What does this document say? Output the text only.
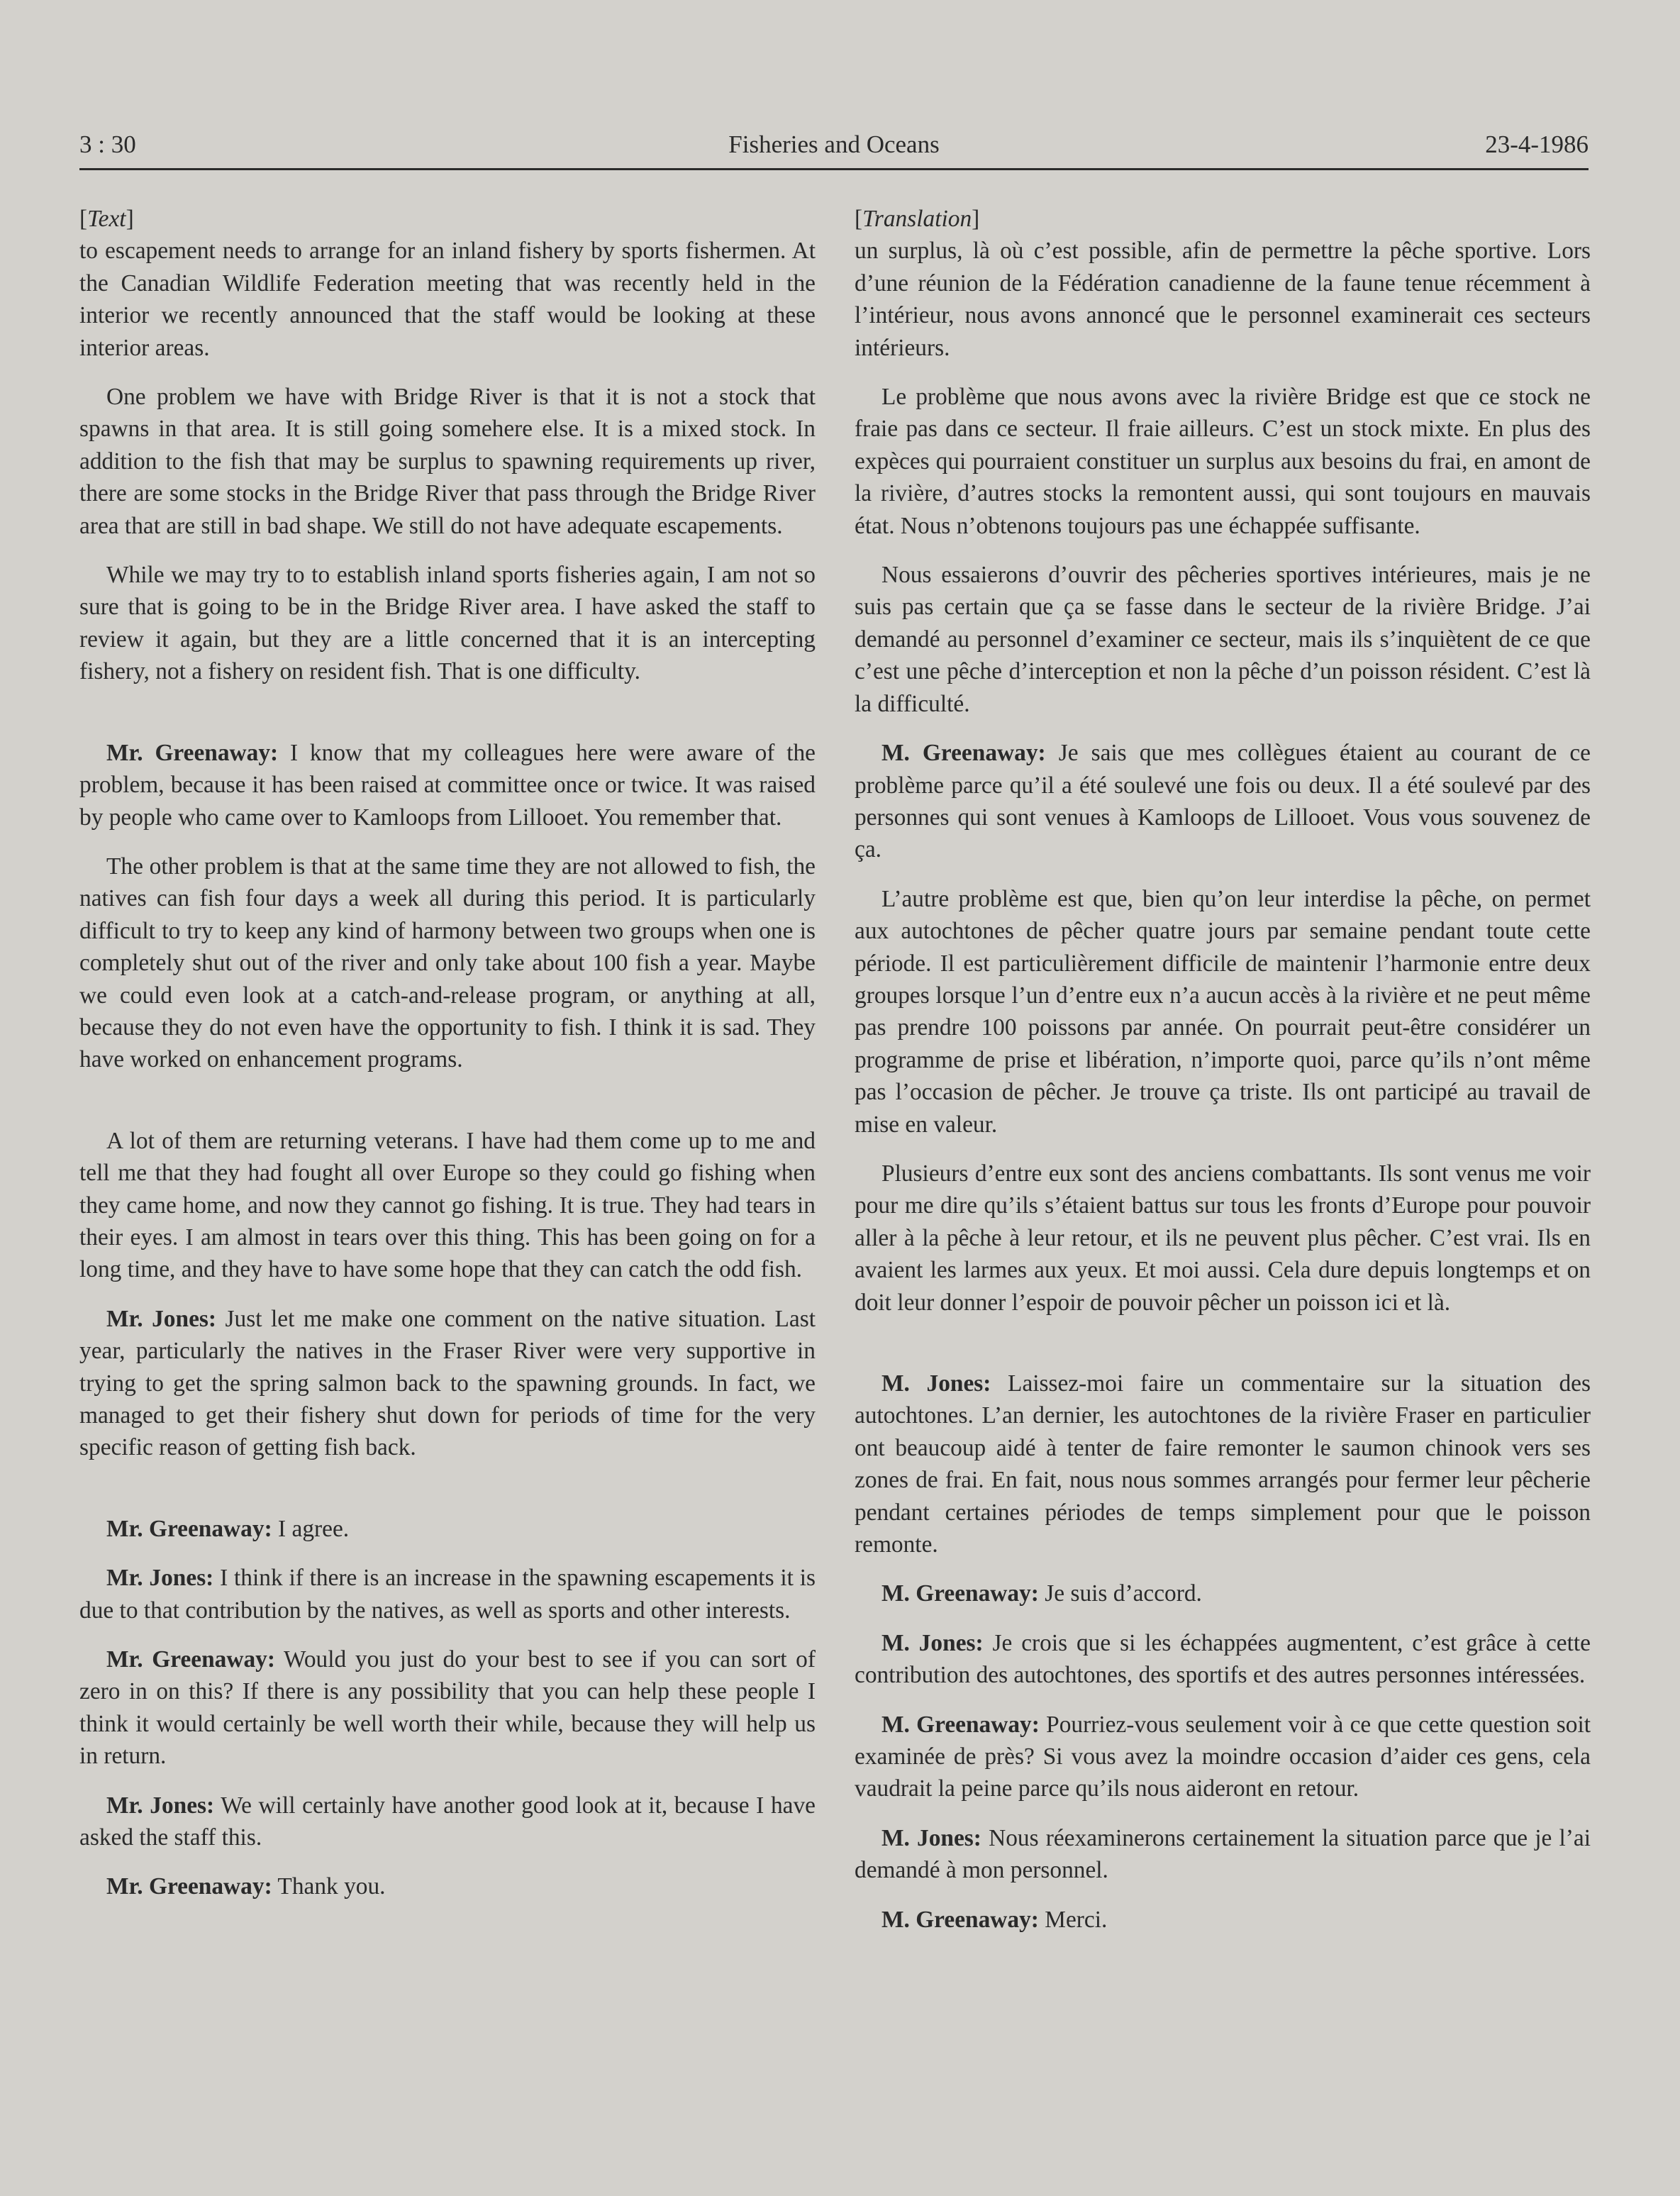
3 : 30	Fisheries and Oceans	23-4-1986

[Text]

to escapement needs to arrange for an inland fishery by sports fishermen. At the Canadian Wildlife Federation meeting that was recently held in the interior we recently announced that the staff would be looking at these interior areas.

One problem we have with Bridge River is that it is not a stock that spawns in that area. It is still going somehere else. It is a mixed stock. In addition to the fish that may be surplus to spawning requirements up river, there are some stocks in the Bridge River that pass through the Bridge River area that are still in bad shape. We still do not have adequate escapements.

While we may try to to establish inland sports fisheries again, I am not so sure that is going to be in the Bridge River area. I have asked the staff to review it again, but they are a little concerned that it is an intercepting fishery, not a fishery on resident fish. That is one difficulty.

Mr. Greenaway: I know that my colleagues here were aware of the problem, because it has been raised at committee once or twice. It was raised by people who came over to Kamloops from Lillooet. You remember that.

The other problem is that at the same time they are not allowed to fish, the natives can fish four days a week all during this period. It is particularly difficult to try to keep any kind of harmony between two groups when one is completely shut out of the river and only take about 100 fish a year. Maybe we could even look at a catch-and-release program, or anything at all, because they do not even have the opportunity to fish. I think it is sad. They have worked on enhancement programs.

A lot of them are returning veterans. I have had them come up to me and tell me that they had fought all over Europe so they could go fishing when they came home, and now they cannot go fishing. It is true. They had tears in their eyes. I am almost in tears over this thing. This has been going on for a long time, and they have to have some hope that they can catch the odd fish.

Mr. Jones: Just let me make one comment on the native situation. Last year, particularly the natives in the Fraser River were very supportive in trying to get the spring salmon back to the spawning grounds. In fact, we managed to get their fishery shut down for periods of time for the very specific reason of getting fish back.

Mr. Greenaway: I agree.

Mr. Jones: I think if there is an increase in the spawning escapements it is due to that contribution by the natives, as well as sports and other interests.

Mr. Greenaway: Would you just do your best to see if you can sort of zero in on this? If there is any possibility that you can help these people I think it would certainly be well worth their while, because they will help us in return.

Mr. Jones: We will certainly have another good look at it, because I have asked the staff this.

Mr. Greenaway: Thank you.

[Translation]

un surplus, là où c’est possible, afin de permettre la pêche sportive. Lors d’une réunion de la Fédération canadienne de la faune tenue récemment à l’intérieur, nous avons annoncé que le personnel examinerait ces secteurs intérieurs.

Le problème que nous avons avec la rivière Bridge est que ce stock ne fraie pas dans ce secteur. Il fraie ailleurs. C’est un stock mixte. En plus des expèces qui pourraient constituer un surplus aux besoins du frai, en amont de la rivière, d’autres stocks la remontent aussi, qui sont toujours en mauvais état. Nous n’obtenons toujours pas une échappée suffisante.

Nous essaierons d’ouvrir des pêcheries sportives intérieures, mais je ne suis pas certain que ça se fasse dans le secteur de la rivière Bridge. J’ai demandé au personnel d’examiner ce secteur, mais ils s’inquiètent de ce que c’est une pêche d’interception et non la pêche d’un poisson résident. C’est là la difficulté.

M. Greenaway: Je sais que mes collègues étaient au courant de ce problème parce qu’il a été soulevé une fois ou deux. Il a été soulevé par des personnes qui sont venues à Kamloops de Lillooet. Vous vous souvenez de ça.

L’autre problème est que, bien qu’on leur interdise la pêche, on permet aux autochtones de pêcher quatre jours par semaine pendant toute cette période. Il est particulièrement difficile de maintenir l’harmonie entre deux groupes lorsque l’un d’entre eux n’a aucun accès à la rivière et ne peut même pas prendre 100 poissons par année. On pourrait peut-être considérer un programme de prise et libération, n’importe quoi, parce qu’ils n’ont même pas l’occasion de pêcher. Je trouve ça triste. Ils ont participé au travail de mise en valeur.

Plusieurs d’entre eux sont des anciens combattants. Ils sont venus me voir pour me dire qu’ils s’étaient battus sur tous les fronts d’Europe pour pouvoir aller à la pêche à leur retour, et ils ne peuvent plus pêcher. C’est vrai. Ils en avaient les larmes aux yeux. Et moi aussi. Cela dure depuis longtemps et on doit leur donner l’espoir de pouvoir pêcher un poisson ici et là.

M. Jones: Laissez-moi faire un commentaire sur la situation des autochtones. L’an dernier, les autochtones de la rivière Fraser en particulier ont beaucoup aidé à tenter de faire remonter le saumon chinook vers ses zones de frai. En fait, nous nous sommes arrangés pour fermer leur pêcherie pendant certaines périodes de temps simplement pour que le poisson remonte.

M. Greenaway: Je suis d’accord.

M. Jones: Je crois que si les échappées augmentent, c’est grâce à cette contribution des autochtones, des sportifs et des autres personnes intéressées.

M. Greenaway: Pourriez-vous seulement voir à ce que cette question soit examinée de près? Si vous avez la moindre occasion d’aider ces gens, cela vaudrait la peine parce qu’ils nous aideront en retour.

M. Jones: Nous réexaminerons certainement la situation parce que je l’ai demandé à mon personnel.

M. Greenaway: Merci.
